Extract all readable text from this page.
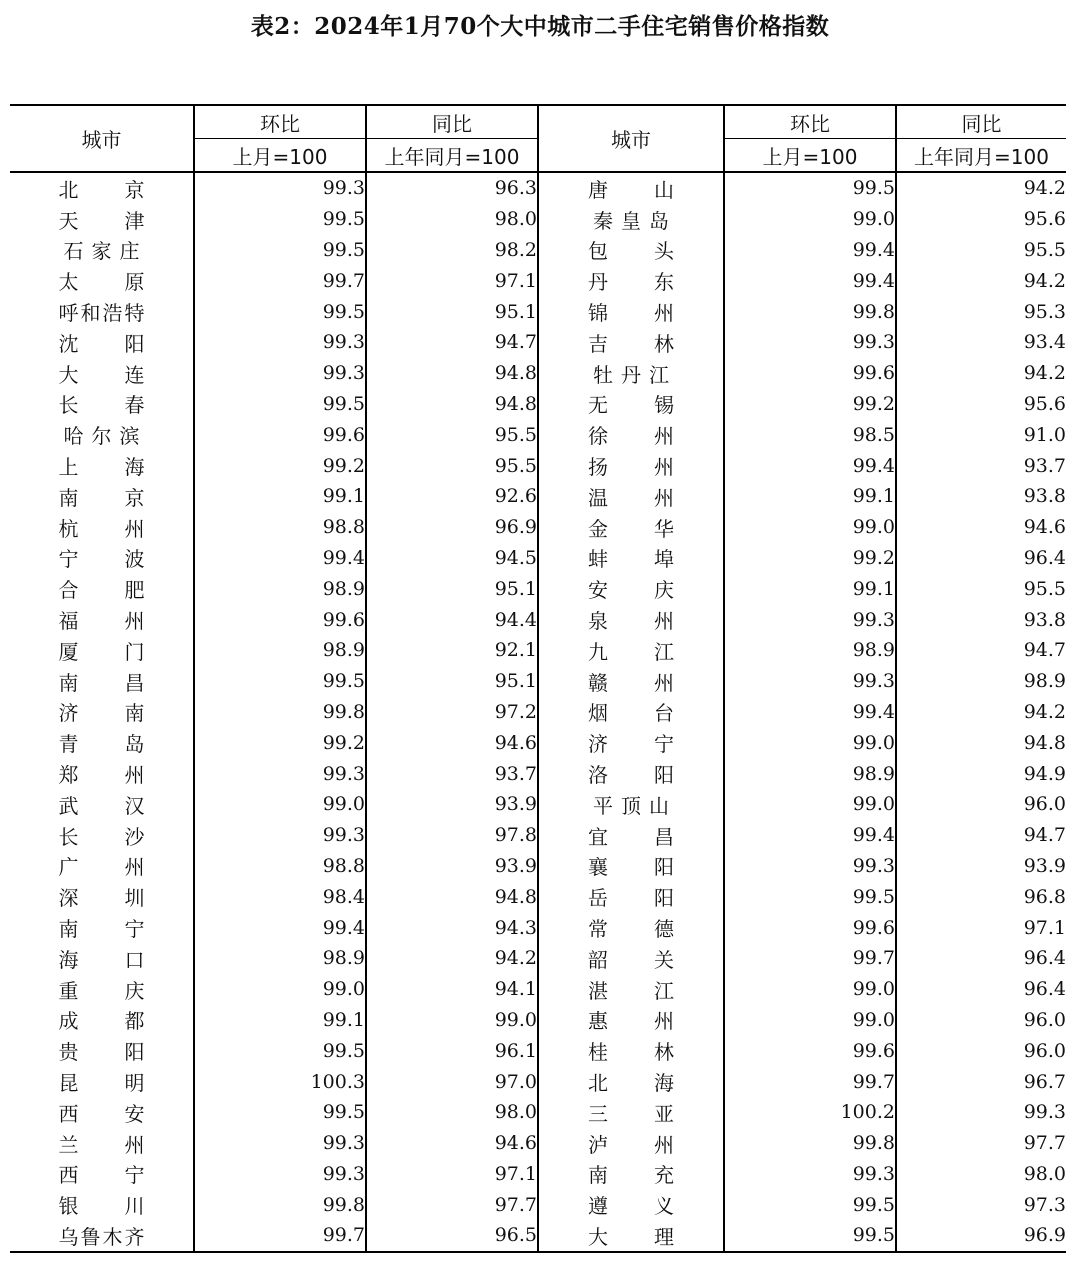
表2：2024年1月70个大中城市二手住宅销售价格指数
城市	环比	同比	城市	环比	同比
	上月=100	上年同月=100		上月=100	上年同月=100

北 京	99.3	96.3	唐 山	99.5	94.2

天 津	99.5	98.0	秦 皇 岛	99.0	95.6

石 家 庄	99.5	98.2	包 头	99.4	95.5

太 原	99.7	97.1	丹 东	99.4	94.2

呼 和 浩 特	99.5	95.1	锦 州	99.8	95.3

沈 阳	99.3	94.7	吉 林	99.3	93.4

大 连	99.3	94.8	牡 丹 江	99.6	94.2

长 春	99.5	94.8	无 锡	99.2	95.6

哈 尔 滨	99.6	95.5	徐 州	98.5	91.0

上 海	99.2	95.5	扬 州	99.4	93.7

南 京	99.1	92.6	温 州	99.1	93.8

杭 州	98.8	96.9	金 华	99.0	94.6

宁 波	99.4	94.5	蚌 埠	99.2	96.4

合 肥	98.9	95.1	安 庆	99.1	95.5

福 州	99.6	94.4	泉 州	99.3	93.8

厦 门	98.9	92.1	九 江	98.9	94.7

南 昌	99.5	95.1	赣 州	99.3	98.9

济 南	99.8	97.2	烟 台	99.4	94.2

青 岛	99.2	94.6	济 宁	99.0	94.8

郑 州	99.3	93.7	洛 阳	98.9	94.9

武 汉	99.0	93.9	平 顶 山	99.0	96.0

长 沙	99.3	97.8	宜 昌	99.4	94.7

广 州	98.8	93.9	襄 阳	99.3	93.9

深 圳	98.4	94.8	岳 阳	99.5	96.8

南 宁	99.4	94.3	常 德	99.6	97.1

海 口	98.9	94.2	韶 关	99.7	96.4

重 庆	99.0	94.1	湛 江	99.0	96.4

成 都	99.1	99.0	惠 州	99.0	96.0

贵 阳	99.5	96.1	桂 林	99.6	96.0

昆 明	100.3	97.0	北 海	99.7	96.7

西 安	99.5	98.0	三 亚	100.2	99.3

兰 州	99.3	94.6	泸 州	99.8	97.7

西 宁	99.3	97.1	南 充	99.3	98.0

银 川	99.8	97.7	遵 义	99.5	97.3

乌 鲁 木 齐	99.7	96.5	大 理	99.5	96.9
